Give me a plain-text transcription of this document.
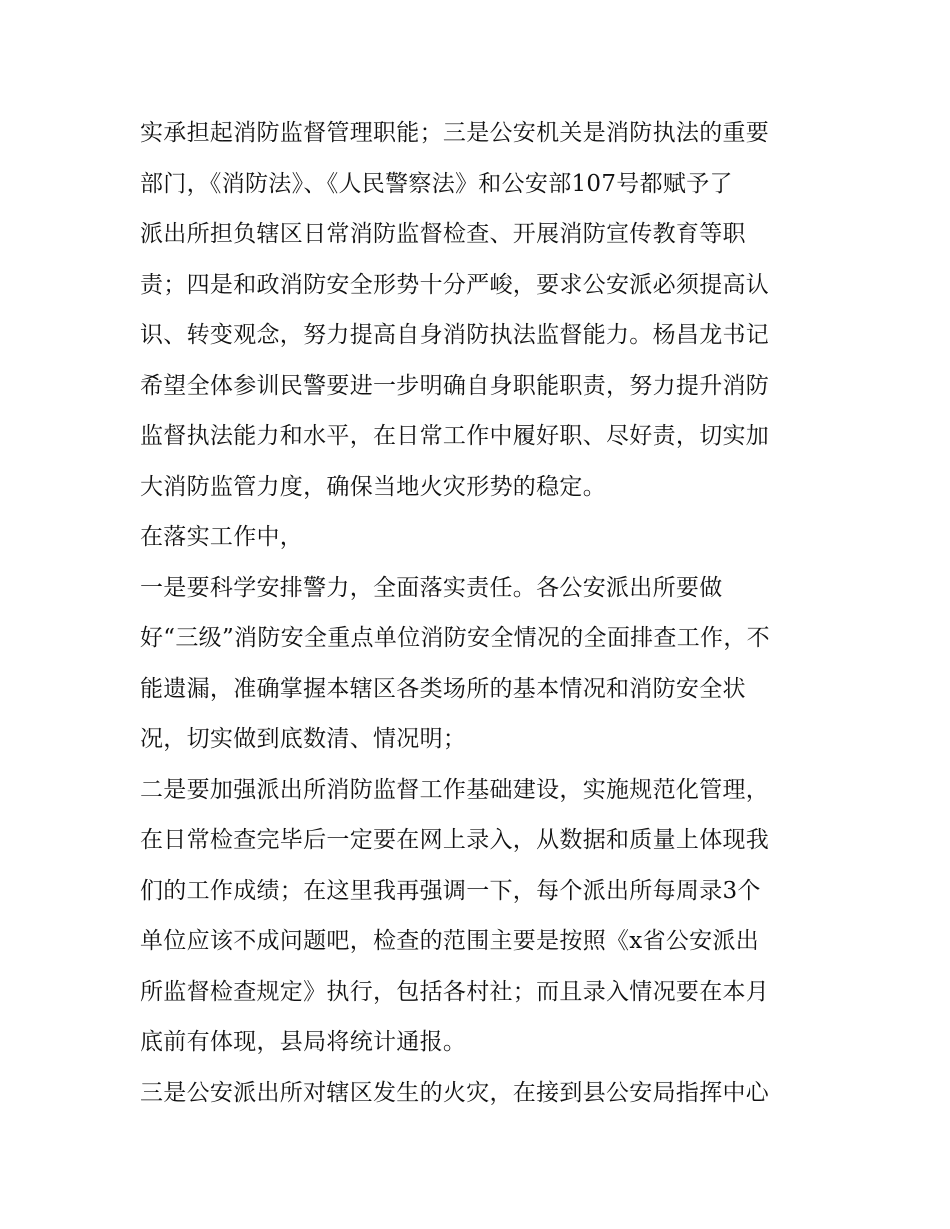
实承担起消防监督管理职能；三是公安机关是消防执法的重要
部门，《消防法》、《人民警察法》和公安部107号都赋予了
派出所担负辖区日常消防监督检查、开展消防宣传教育等职
责；四是和政消防安全形势十分严峻，要求公安派必须提高认
识、转变观念，努力提高自身消防执法监督能力。杨昌龙书记
希望全体参训民警要进一步明确自身职能职责，努力提升消防
监督执法能力和水平，在日常工作中履好职、尽好责，切实加
大消防监管力度，确保当地火灾形势的稳定。
在落实工作中，
一是要科学安排警力，全面落实责任。各公安派出所要做
好“三级”消防安全重点单位消防安全情况的全面排查工作，不
能遗漏，准确掌握本辖区各类场所的基本情况和消防安全状
况，切实做到底数清、情况明；
二是要加强派出所消防监督工作基础建设，实施规范化管理，
在日常检查完毕后一定要在网上录入，从数据和质量上体现我
们的工作成绩；在这里我再强调一下，每个派出所每周录3个
单位应该不成问题吧，检查的范围主要是按照《x省公安派出
所监督检查规定》执行，包括各村社；而且录入情况要在本月
底前有体现，县局将统计通报。
三是公安派出所对辖区发生的火灾，在接到县公安局指挥中心
